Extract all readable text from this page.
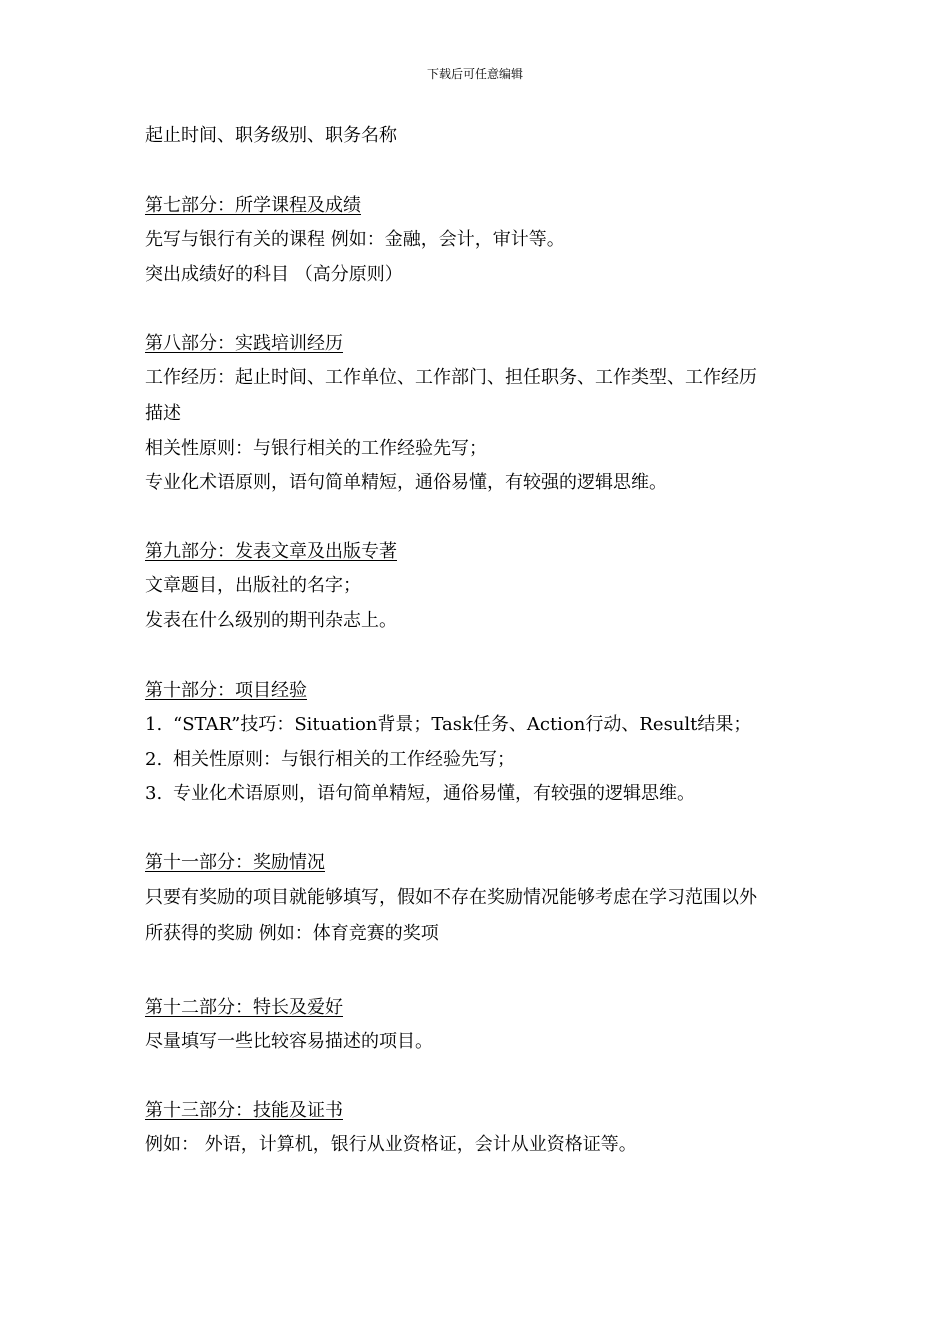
下载后可任意编辑
起止时间、职务级别、职务名称
第七部分：所学课程及成绩
先写与银行有关的课程 例如：金融，会计，审计等。
突出成绩好的科目 （高分原则）
第八部分：实践培训经历
工作经历：起止时间、工作单位、工作部门、担任职务、工作类型、工作经历
描述
相关性原则：与银行相关的工作经验先写；
专业化术语原则，语句简单精短，通俗易懂，有较强的逻辑思维。
第九部分：发表文章及出版专著
文章题目，出版社的名字；
发表在什么级别的期刊杂志上。
第十部分：项目经验
1. “STAR”技巧：Situation背景；Task任务、Action行动、Result结果；
2. 相关性原则：与银行相关的工作经验先写；
3. 专业化术语原则，语句简单精短，通俗易懂，有较强的逻辑思维。
第十一部分：奖励情况
只要有奖励的项目就能够填写，假如不存在奖励情况能够考虑在学习范围以外
所获得的奖励 例如：体育竞赛的奖项
第十二部分：特长及爱好
尽量填写一些比较容易描述的项目。
第十三部分：技能及证书
例如： 外语，计算机，银行从业资格证，会计从业资格证等。
